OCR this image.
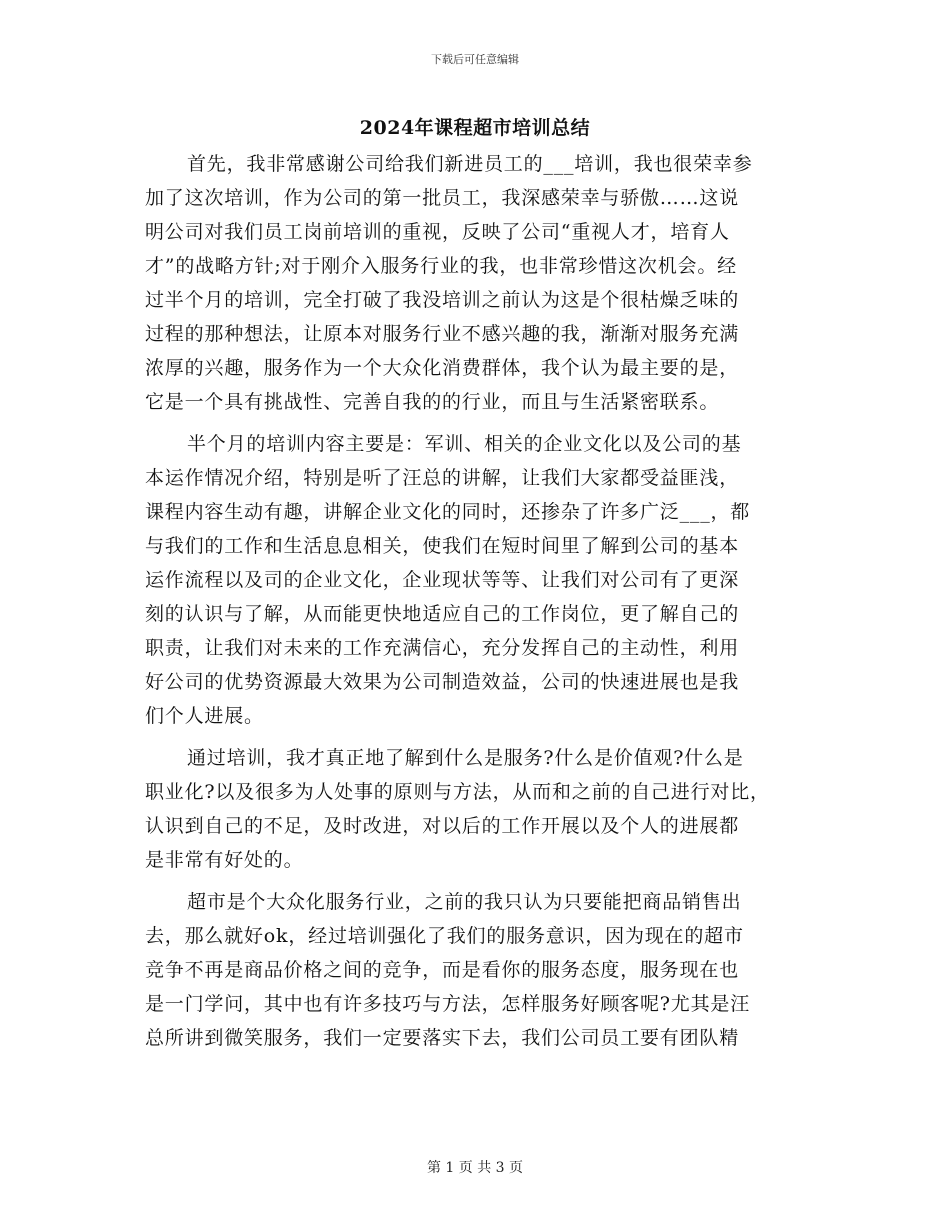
下载后可任意编辑
2024年课程超市培训总结
首先，我非常感谢公司给我们新进员工的___培训，我也很荣幸参
加了这次培训，作为公司的第一批员工，我深感荣幸与骄傲……这说
明公司对我们员工岗前培训的重视，反映了公司“重视人才，培育人
才”的战略方针;对于刚介入服务行业的我，也非常珍惜这次机会。经
过半个月的培训，完全打破了我没培训之前认为这是个很枯燥乏味的
过程的那种想法，让原本对服务行业不感兴趣的我，渐渐对服务充满
浓厚的兴趣，服务作为一个大众化消费群体，我个认为最主要的是，
它是一个具有挑战性、完善自我的的行业，而且与生活紧密联系。
半个月的培训内容主要是：军训、相关的企业文化以及公司的基
本运作情况介绍，特别是听了汪总的讲解，让我们大家都受益匪浅，
课程内容生动有趣，讲解企业文化的同时，还掺杂了许多广泛___，都
与我们的工作和生活息息相关，使我们在短时间里了解到公司的基本
运作流程以及司的企业文化，企业现状等等、让我们对公司有了更深
刻的认识与了解，从而能更快地适应自己的工作岗位，更了解自己的
职责，让我们对未来的工作充满信心，充分发挥自己的主动性，利用
好公司的优势资源最大效果为公司制造效益，公司的快速进展也是我
们个人进展。
通过培训，我才真正地了解到什么是服务?什么是价值观?什么是
职业化?以及很多为人处事的原则与方法，从而和之前的自己进行对比，
认识到自己的不足，及时改进，对以后的工作开展以及个人的进展都
是非常有好处的。
超市是个大众化服务行业，之前的我只认为只要能把商品销售出
去，那么就好ok，经过培训强化了我们的服务意识，因为现在的超市
竞争不再是商品价格之间的竞争，而是看你的服务态度，服务现在也
是一门学问，其中也有许多技巧与方法，怎样服务好顾客呢?尤其是汪
总所讲到微笑服务，我们一定要落实下去，我们公司员工要有团队精
第 1 页 共 3 页
